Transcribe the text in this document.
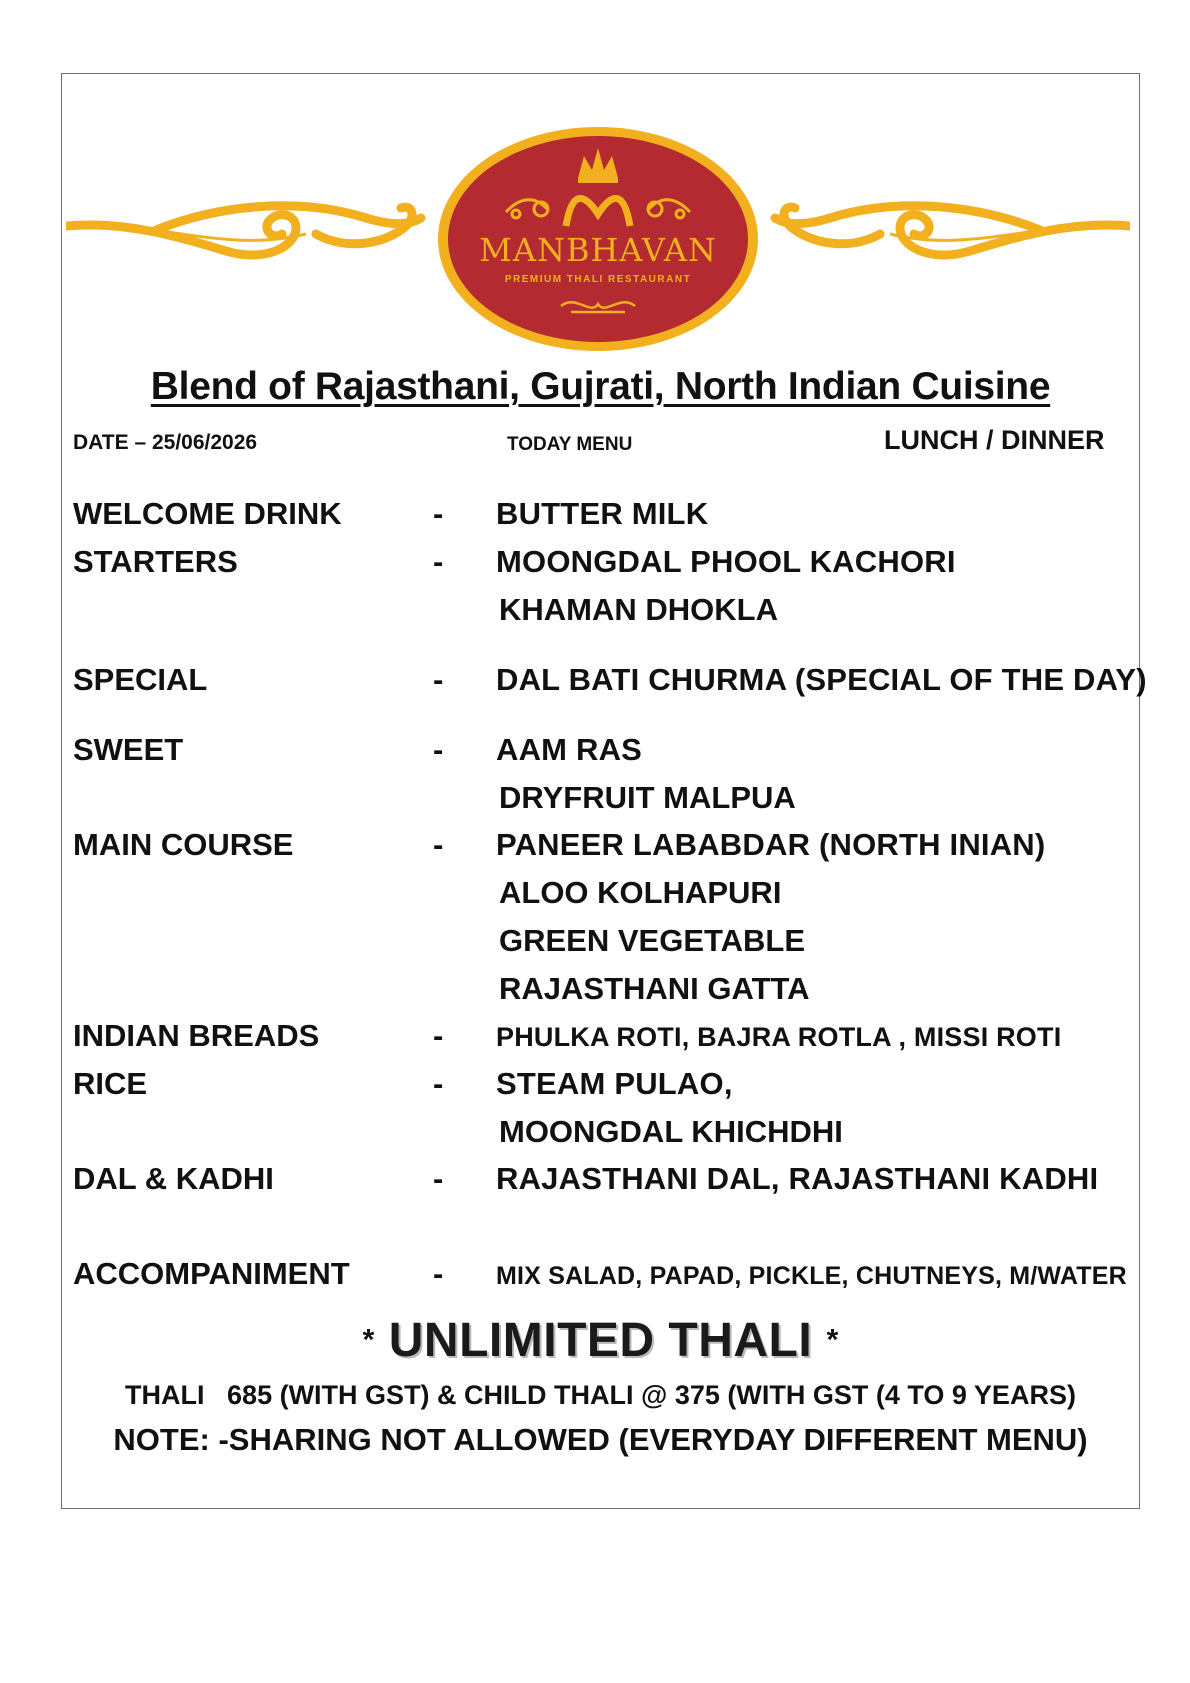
MANBHAVAN
PREMIUM THALI RESTAURANT
Blend of Rajasthani, Gujrati, North Indian Cuisine
DATE – 25/06/2026	TODAY MENU	LUNCH / DINNER
WELCOME DRINK	- BUTTER MILK
STARTERS	- MOONGDAL PHOOL KACHORI
KHAMAN DHOKLA
SPECIAL	- DAL BATI CHURMA (SPECIAL OF THE DAY)
SWEET	- AAM RAS
DRYFRUIT MALPUA
MAIN COURSE	- PANEER LABABDAR (NORTH INIAN)
ALOO KOLHAPURI
GREEN VEGETABLE
RAJASTHANI GATTA
INDIAN BREADS	- PHULKA ROTI, BAJRA ROTLA , MISSI ROTI
RICE	- STEAM PULAO,
MOONGDAL KHICHDHI
DAL & KADHI	- RAJASTHANI DAL, RAJASTHANI KADHI
ACCOMPANIMENT	- MIX SALAD, PAPAD, PICKLE, CHUTNEYS, M/WATER
* UNLIMITED THALI *
THALI   685 (WITH GST) & CHILD THALI @ 375 (WITH GST (4 TO 9 YEARS)
NOTE: -SHARING NOT ALLOWED (EVERYDAY DIFFERENT MENU)
